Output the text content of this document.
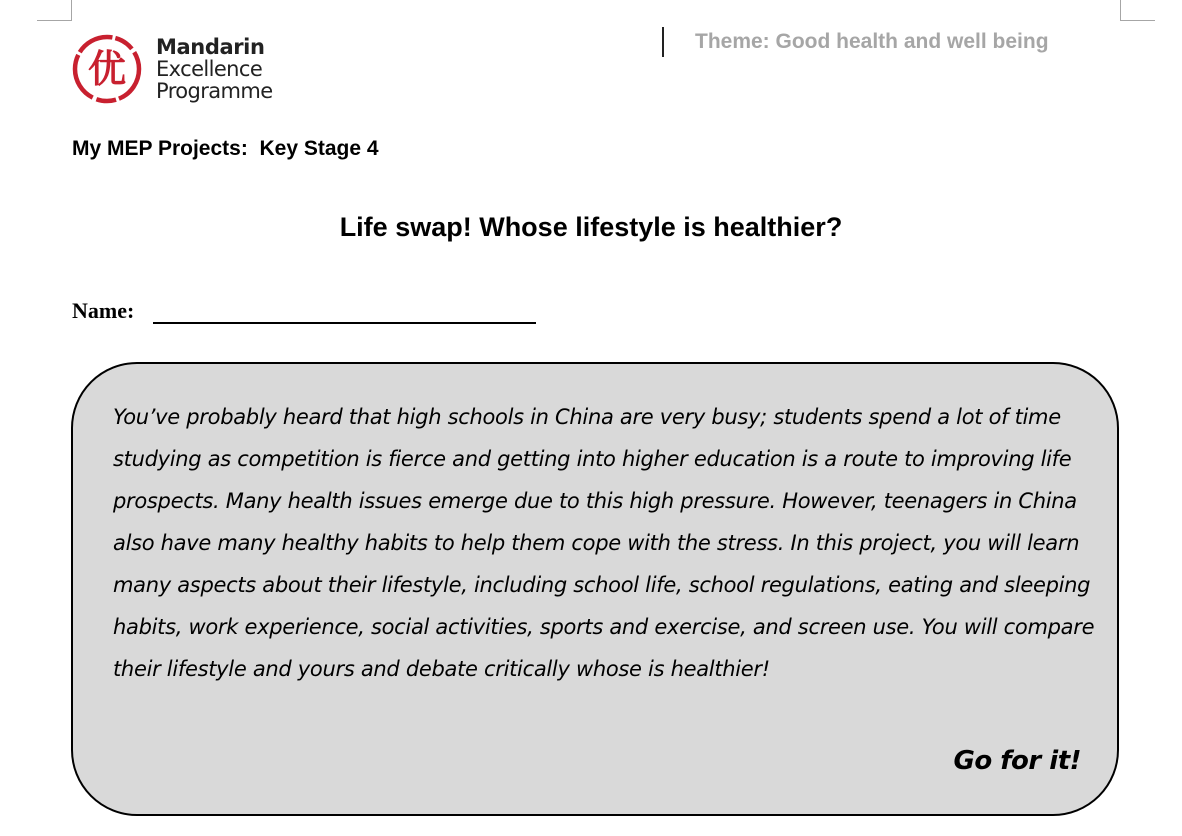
优 Mandarin
Excellence
Programme
Theme: Good health and well being
My MEP Projects:  Key Stage 4
Life swap! Whose lifestyle is healthier?
Name:
You’ve probably heard that high schools in China are very busy; students spend a lot of time studying as competition is fierce and getting into higher education is a route to improving life prospects. Many health issues emerge due to this high pressure. However, teenagers in China also have many healthy habits to help them cope with the stress. In this project, you will learn many aspects about their lifestyle, including school life, school regulations, eating and sleeping habits, work experience, social activities, sports and exercise, and screen use. You will compare their lifestyle and yours and debate critically whose is healthier!
Go for it!
